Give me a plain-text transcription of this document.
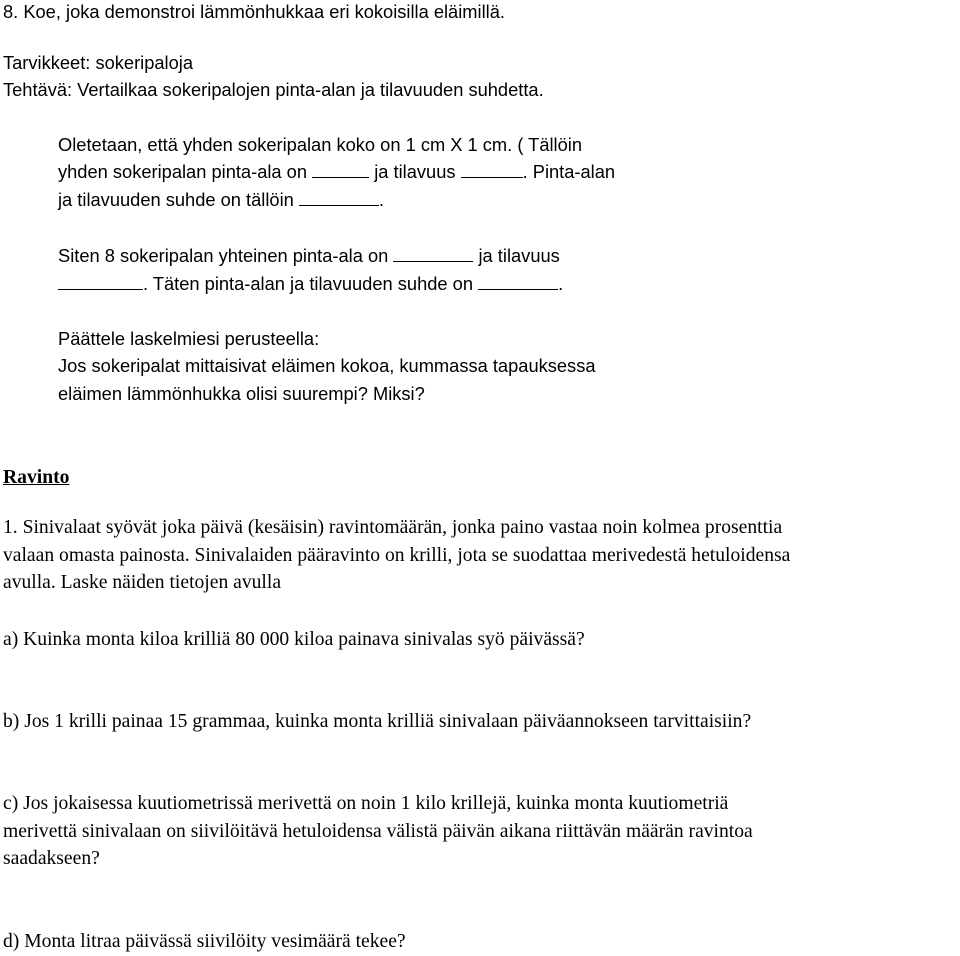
8. Koe, joka demonstroi lämmönhukkaa eri kokoisilla eläimillä.
Tarvikkeet: sokeripaloja
Tehtävä: Vertailkaa sokeripalojen pinta-alan ja tilavuuden suhdetta.
Oletetaan, että yhden sokeripalan koko on 1 cm X 1 cm. ( Tällöin
yhden sokeripalan pinta-ala on	ja tilavuus	. Pinta-alan
ja tilavuuden suhde on tällöin	.
Siten 8 sokeripalan yhteinen pinta-ala on	ja tilavuus
. Täten pinta-alan ja tilavuuden suhde on	.
Päättele laskelmiesi perusteella:
Jos sokeripalat mittaisivat eläimen kokoa, kummassa tapauksessa
eläimen lämmönhukka olisi suurempi? Miksi?
Ravinto
1. Sinivalaat syövät joka päivä (kesäisin) ravintomäärän, jonka paino vastaa noin kolmea prosenttia
valaan omasta painosta. Sinivalaiden pääravinto on krilli, jota se suodattaa merivedestä hetuloidensa
avulla. Laske näiden tietojen avulla
a) Kuinka monta kiloa krilliä 80 000 kiloa painava sinivalas syö päivässä?
b) Jos 1 krilli painaa 15 grammaa, kuinka monta krilliä sinivalaan päiväannokseen tarvittaisiin?
c) Jos jokaisessa kuutiometrissä merivettä on noin 1 kilo krillejä, kuinka monta kuutiometriä
merivettä sinivalaan on siivilöitävä hetuloidensa välistä päivän aikana riittävän määrän ravintoa
saadakseen?
d) Monta litraa päivässä siivilöity vesimäärä tekee?
